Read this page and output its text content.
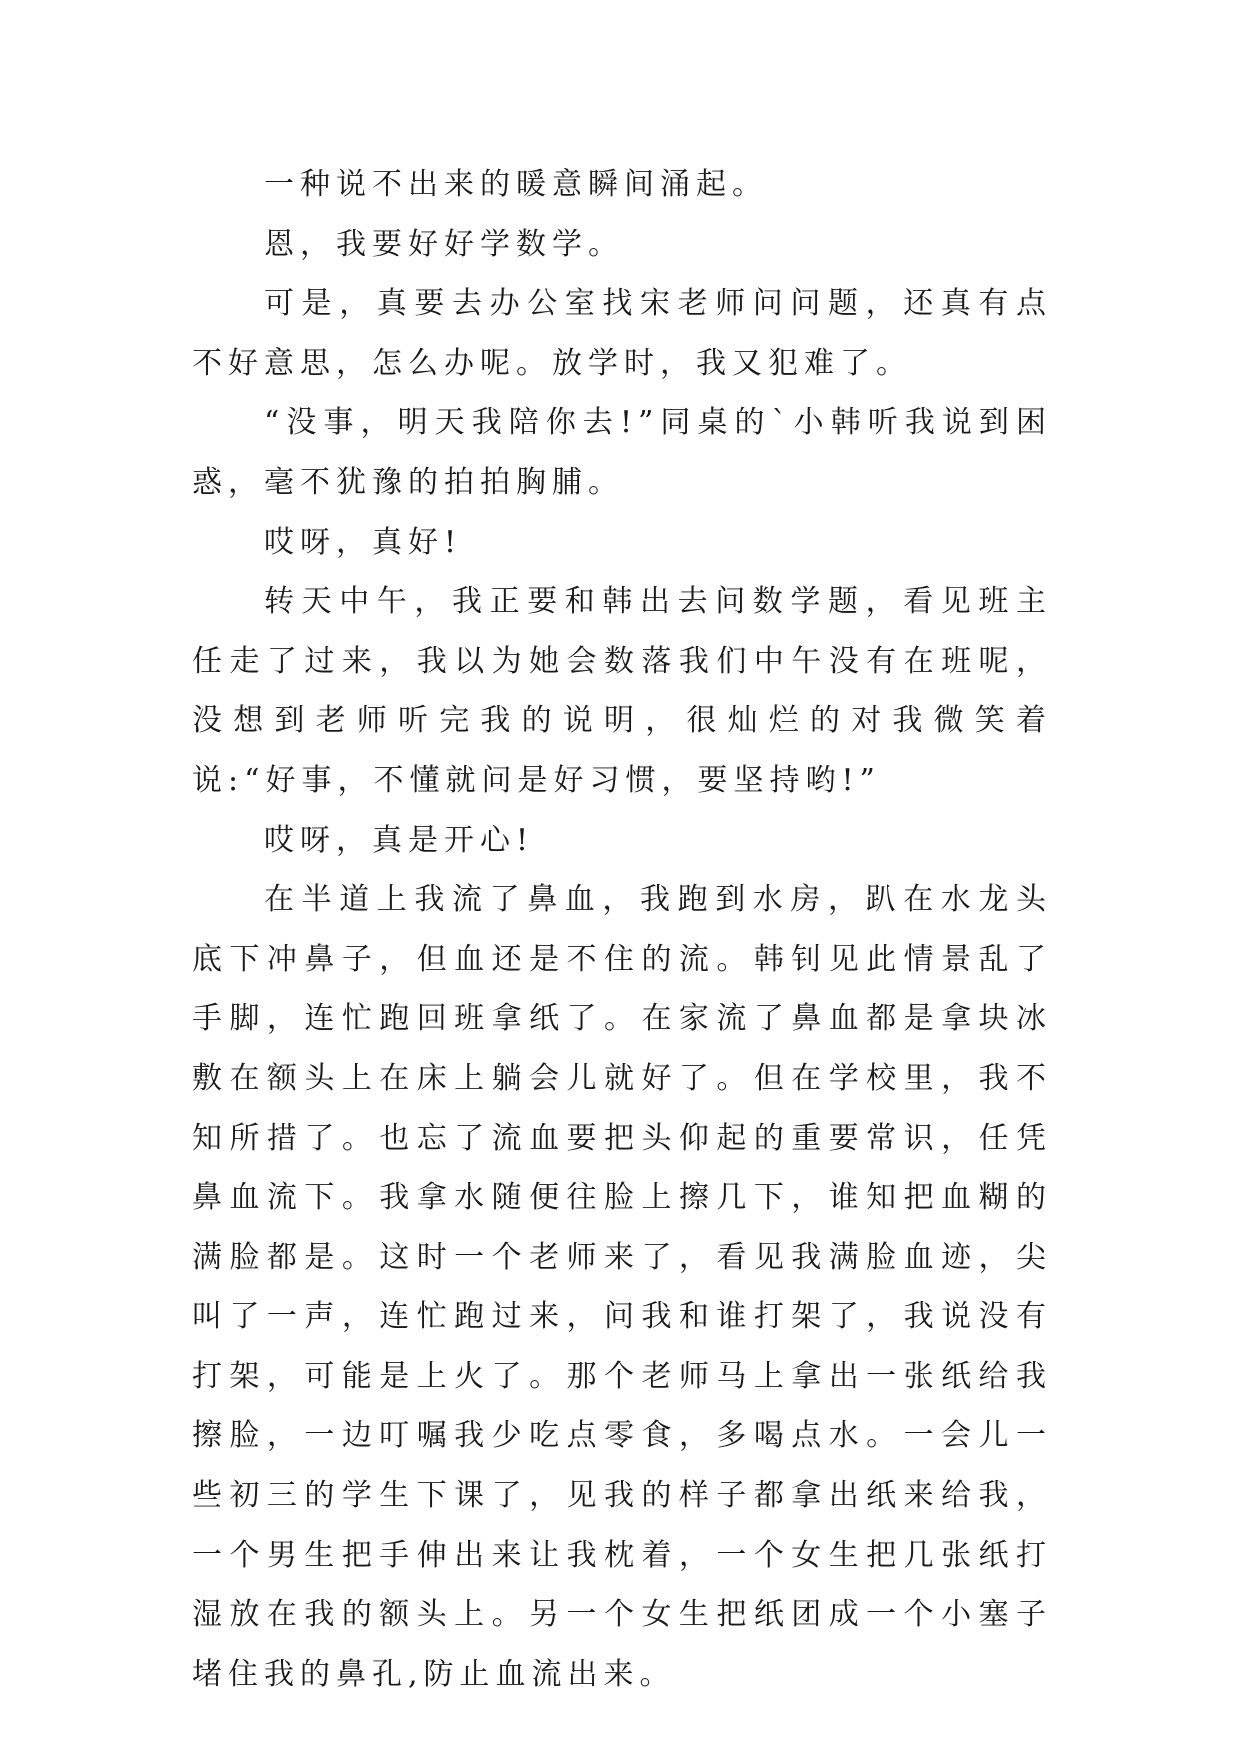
一种说不出来的暖意瞬间涌起。

恩，我要好好学数学。

可是，真要去办公室找宋老师问问题，还真有点不好意思，怎么办呢。放学时，我又犯难了。

“没事，明天我陪你去!”同桌的`小韩听我说到困惑，毫不犹豫的拍拍胸脯。

哎呀，真好!

转天中午，我正要和韩出去问数学题，看见班主任走了过来，我以为她会数落我们中午没有在班呢，没想到老师听完我的说明，很灿烂的对我微笑着说:“好事，不懂就问是好习惯，要坚持哟!”

哎呀，真是开心!

在半道上我流了鼻血，我跑到水房，趴在水龙头底下冲鼻子，但血还是不住的流。韩钊见此情景乱了手脚，连忙跑回班拿纸了。在家流了鼻血都是拿块冰敷在额头上在床上躺会儿就好了。但在学校里，我不知所措了。也忘了流血要把头仰起的重要常识，任凭鼻血流下。我拿水随便往脸上擦几下，谁知把血糊的满脸都是。这时一个老师来了，看见我满脸血迹，尖叫了一声，连忙跑过来，问我和谁打架了，我说没有打架，可能是上火了。那个老师马上拿出一张纸给我擦脸，一边叮嘱我少吃点零食，多喝点水。一会儿一些初三的学生下课了，见我的样子都拿出纸来给我，一个男生把手伸出来让我枕着，一个女生把几张纸打湿放在我的额头上。另一个女生把纸团成一个小塞子堵住我的鼻孔,防止血流出来。
